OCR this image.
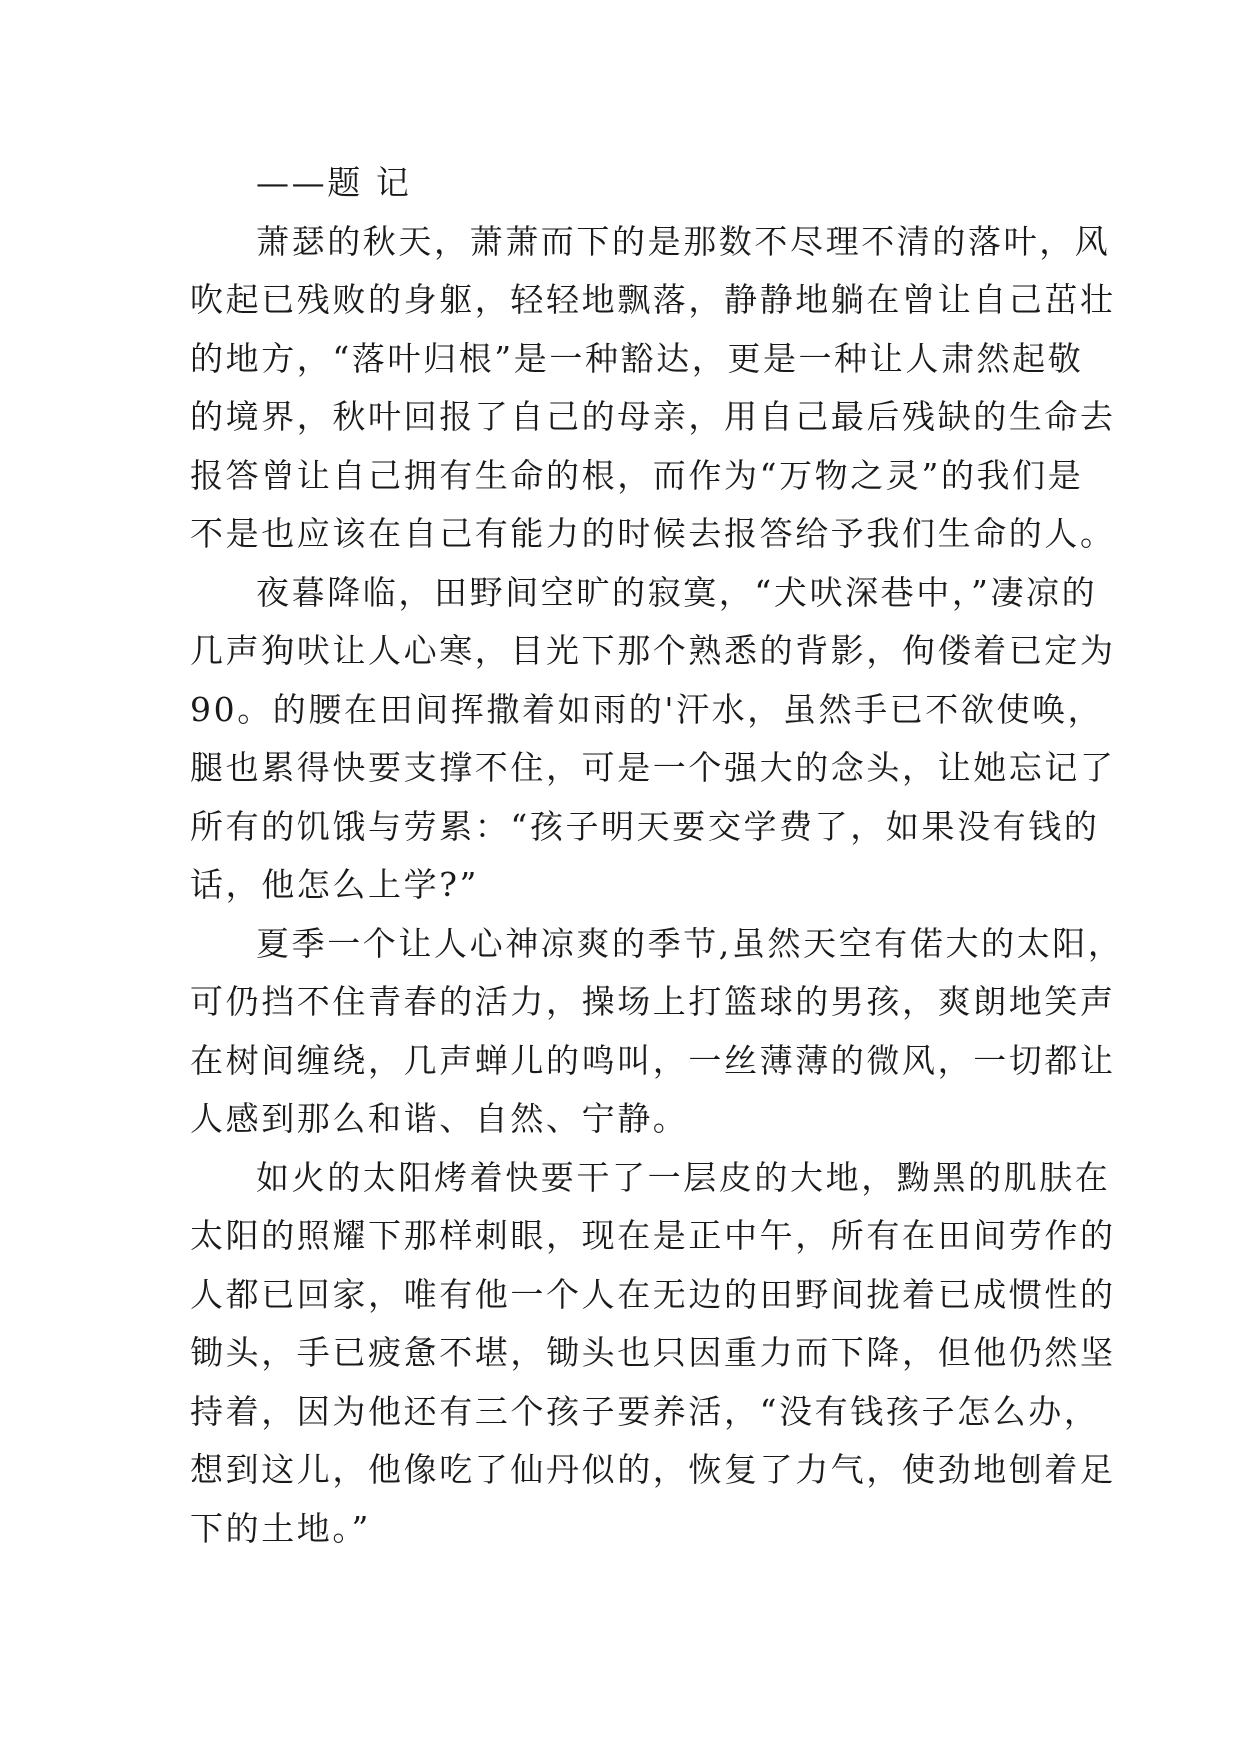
——题 记
萧瑟的秋天，萧萧而下的是那数不尽理不清的落叶，风
吹起已残败的身躯，轻轻地飘落，静静地躺在曾让自己茁壮
的地方，“落叶归根”是一种豁达，更是一种让人肃然起敬
的境界，秋叶回报了自己的母亲，用自己最后残缺的生命去
报答曾让自己拥有生命的根，而作为“万物之灵”的我们是
不是也应该在自己有能力的时候去报答给予我们生命的人。
夜暮降临，田野间空旷的寂寞，“犬吠深巷中，”凄凉的
几声狗吠让人心寒，目光下那个熟悉的背影，佝偻着已定为
90。的腰在田间挥撒着如雨的'汗水，虽然手已不欲使唤，
腿也累得快要支撑不住，可是一个强大的念头，让她忘记了
所有的饥饿与劳累：“孩子明天要交学费了，如果没有钱的
话，他怎么上学?”
夏季一个让人心神凉爽的季节,虽然天空有偌大的太阳，
可仍挡不住青春的活力，操场上打篮球的男孩，爽朗地笑声
在树间缠绕，几声蝉儿的鸣叫，一丝薄薄的微风，一切都让
人感到那么和谐、自然、宁静。
如火的太阳烤着快要干了一层皮的大地，黝黑的肌肤在
太阳的照耀下那样刺眼，现在是正中午，所有在田间劳作的
人都已回家，唯有他一个人在无边的田野间拢着已成惯性的
锄头，手已疲惫不堪，锄头也只因重力而下降，但他仍然坚
持着，因为他还有三个孩子要养活，“没有钱孩子怎么办，
想到这儿，他像吃了仙丹似的，恢复了力气，使劲地刨着足
下的土地。”
